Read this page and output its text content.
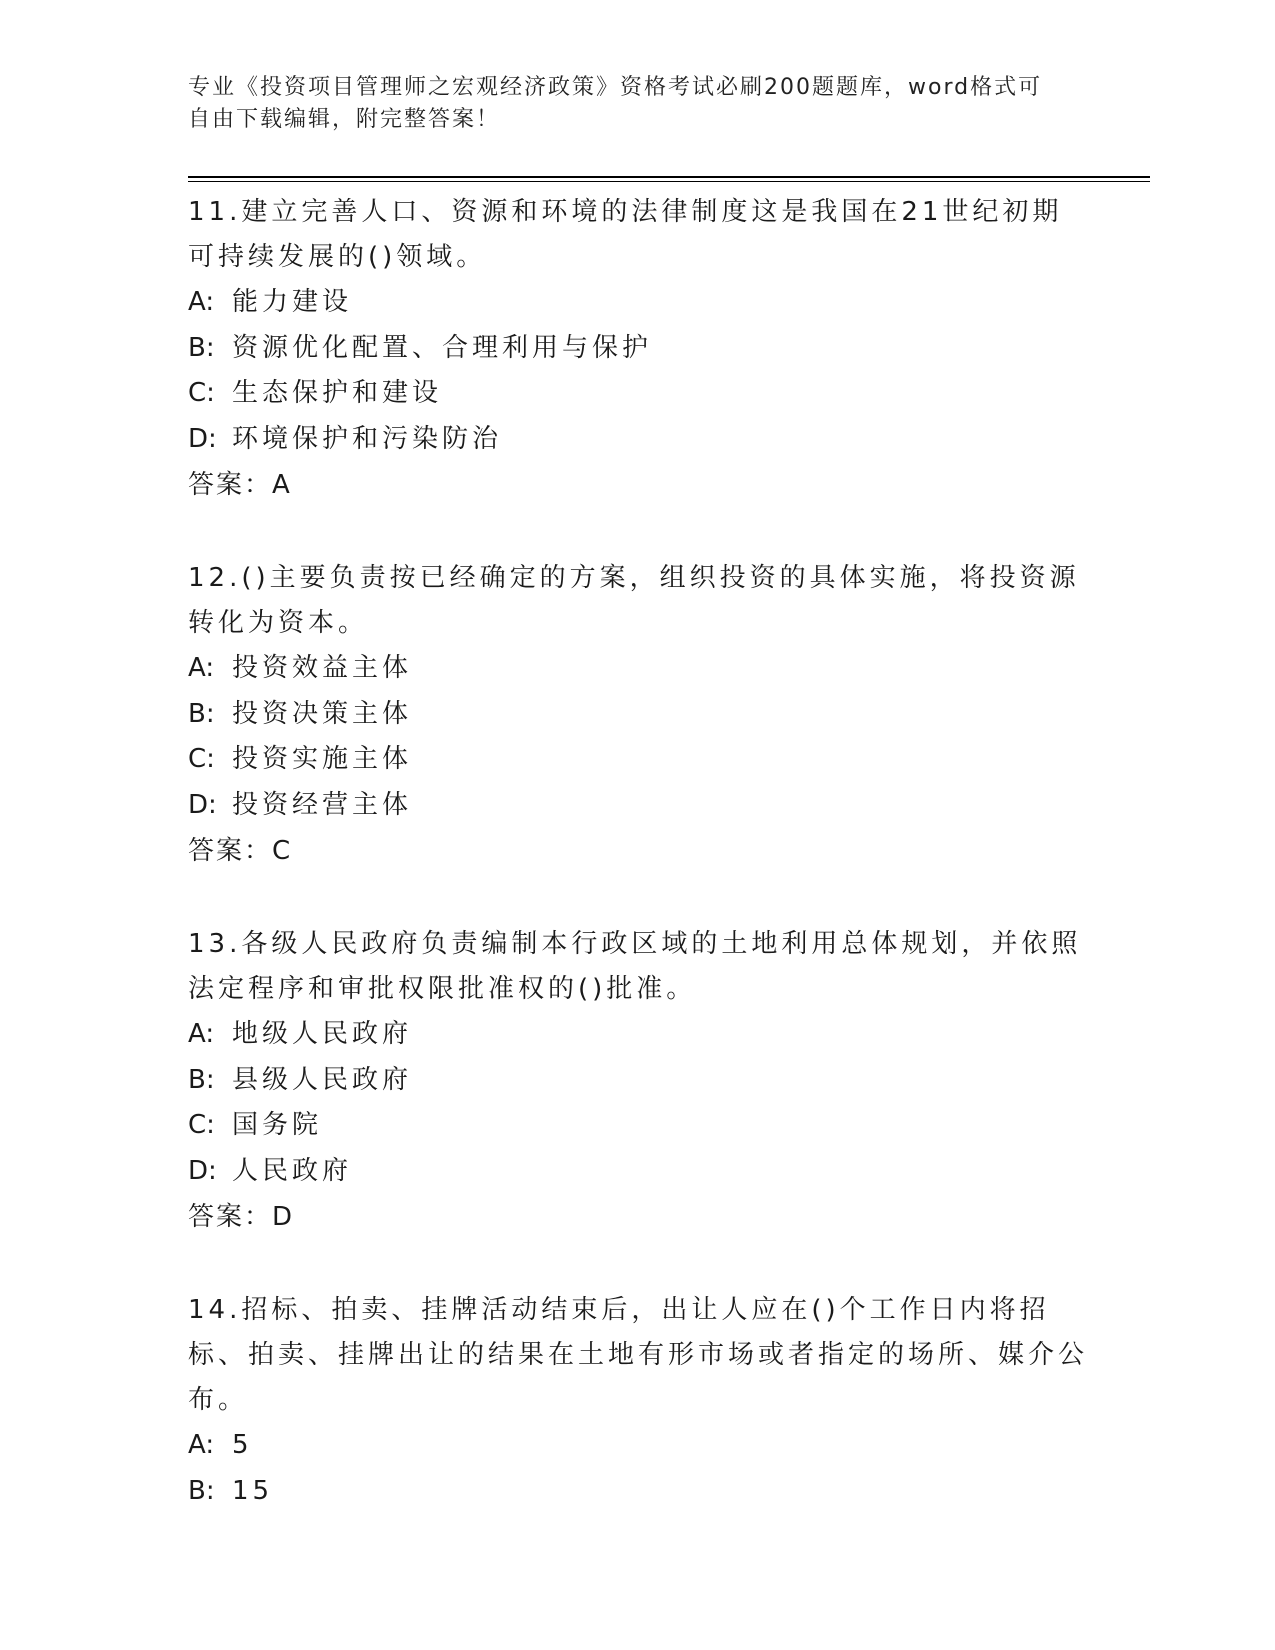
专业《投资项目管理师之宏观经济政策》资格考试必刷200题题库，word格式可
自由下载编辑，附完整答案！

11.建立完善人口、资源和环境的法律制度这是我国在21世纪初期可持续发展的()领域。

A: 能力建设

B: 资源优化配置、合理利用与保护

C: 生态保护和建设

D: 环境保护和污染防治

答案：A

12.()主要负责按已经确定的方案，组织投资的具体实施，将投资源转化为资本。

A: 投资效益主体

B: 投资决策主体

C: 投资实施主体

D: 投资经营主体

答案：C

13.各级人民政府负责编制本行政区域的土地利用总体规划，并依照法定程序和审批权限批准权的()批准。

A: 地级人民政府

B: 县级人民政府

C: 国务院

D: 人民政府

答案：D

14.招标、拍卖、挂牌活动结束后，出让人应在()个工作日内将招标、拍卖、挂牌出让的结果在土地有形市场或者指定的场所、媒介公布。

A: 5

B: 15
